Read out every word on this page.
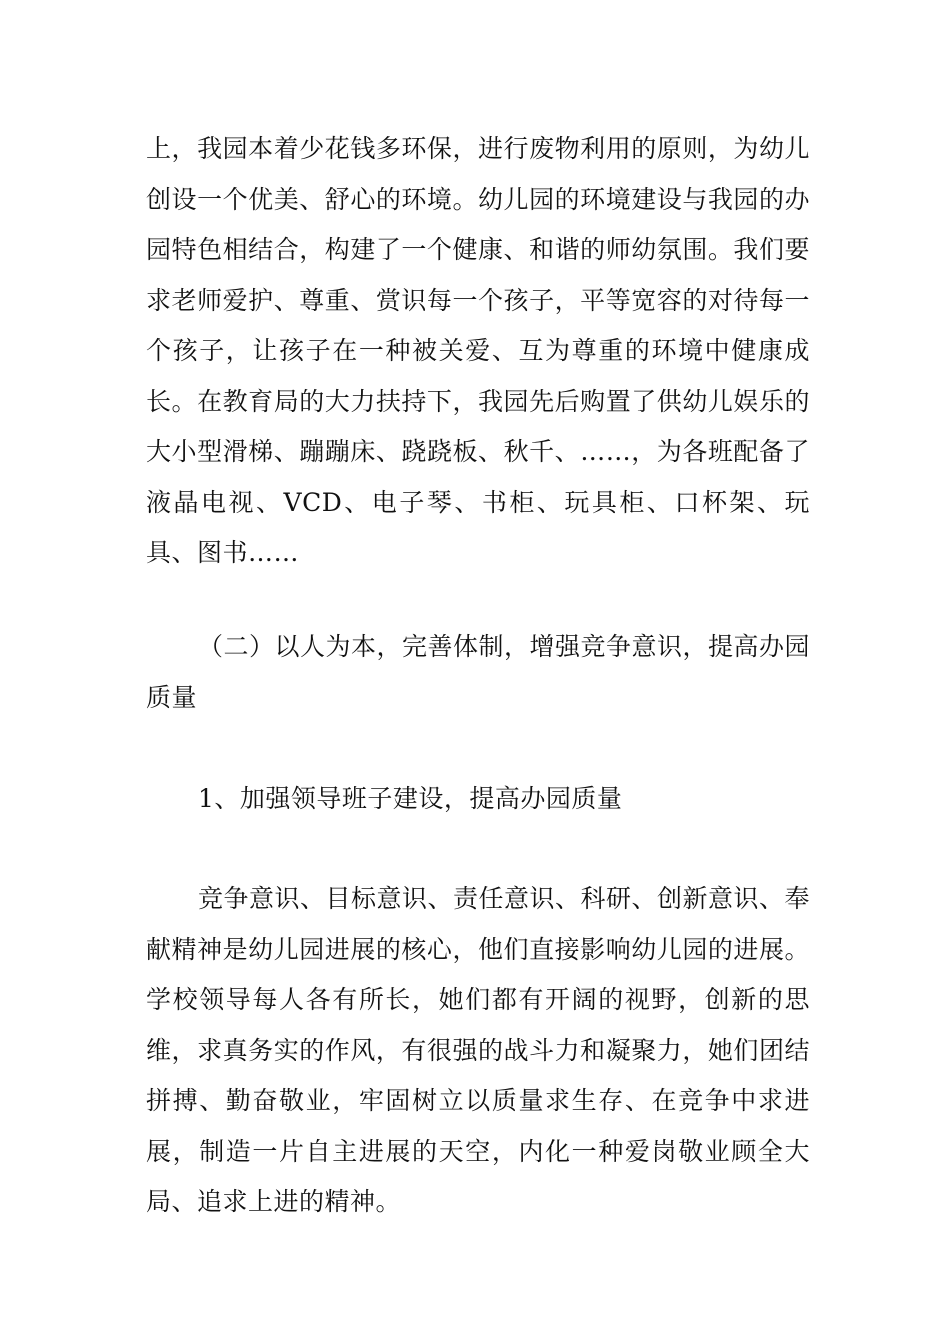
上，我园本着少花钱多环保，进行废物利用的原则，为幼儿创设一个优美、舒心的环境。幼儿园的环境建设与我园的办园特色相结合，构建了一个健康、和谐的师幼氛围。我们要求老师爱护、尊重、赏识每一个孩子，平等宽容的对待每一个孩子，让孩子在一种被关爱、互为尊重的环境中健康成长。在教育局的大力扶持下，我园先后购置了供幼儿娱乐的大小型滑梯、蹦蹦床、跷跷板、秋千、……，为各班配备了液晶电视、VCD、电子琴、书柜、玩具柜、口杯架、玩具、图书……

（二）以人为本，完善体制，增强竞争意识，提高办园质量

1、加强领导班子建设，提高办园质量

竞争意识、目标意识、责任意识、科研、创新意识、奉献精神是幼儿园进展的核心，他们直接影响幼儿园的进展。学校领导每人各有所长，她们都有开阔的视野，创新的思维，求真务实的作风，有很强的战斗力和凝聚力，她们团结拼搏、勤奋敬业，牢固树立以质量求生存、在竞争中求进展，制造一片自主进展的天空，内化一种爱岗敬业顾全大局、追求上进的精神。
